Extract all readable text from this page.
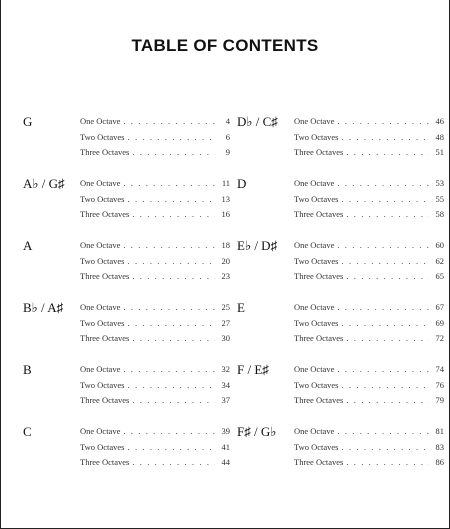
TABLE OF CONTENTS
G	One Octave . . .	4
Two Octaves . . .	6
Three Octaves . . .	9
A♭ / G♯ One Octave . . .	11
Two Octaves . . .	13
Three Octaves . . .	16
A	One Octave . . .	18
Two Octaves . . .	20
Three Octaves . . .	23
B♭ / A♯ One Octave . . .	25
Two Octaves . . .	27
Three Octaves . . .	30
B	One Octave . . .	32
Two Octaves . . .	34
Three Octaves . . .	37
C	One Octave . . .	39
Two Octaves . . .	41
Three Octaves . . .	44
D♭ / C♯ One Octave . . .	46
Two Octaves . . .	48
Three Octaves . . .	51
D	One Octave . . .	53
Two Octaves . . .	55
Three Octaves . . .	58
E♭ / D♯ One Octave . . .	60
Two Octaves . . .	62
Three Octaves . . .	65
E	One Octave . . .	67
Two Octaves . . .	69
Three Octaves . . .	72
F / E♯	One Octave . . .	74
Two Octaves . . .	76
Three Octaves . . .	79
F♯ / G♭ One Octave . . .	81
Two Octaves . . .	83
Three Octaves . . .	86
